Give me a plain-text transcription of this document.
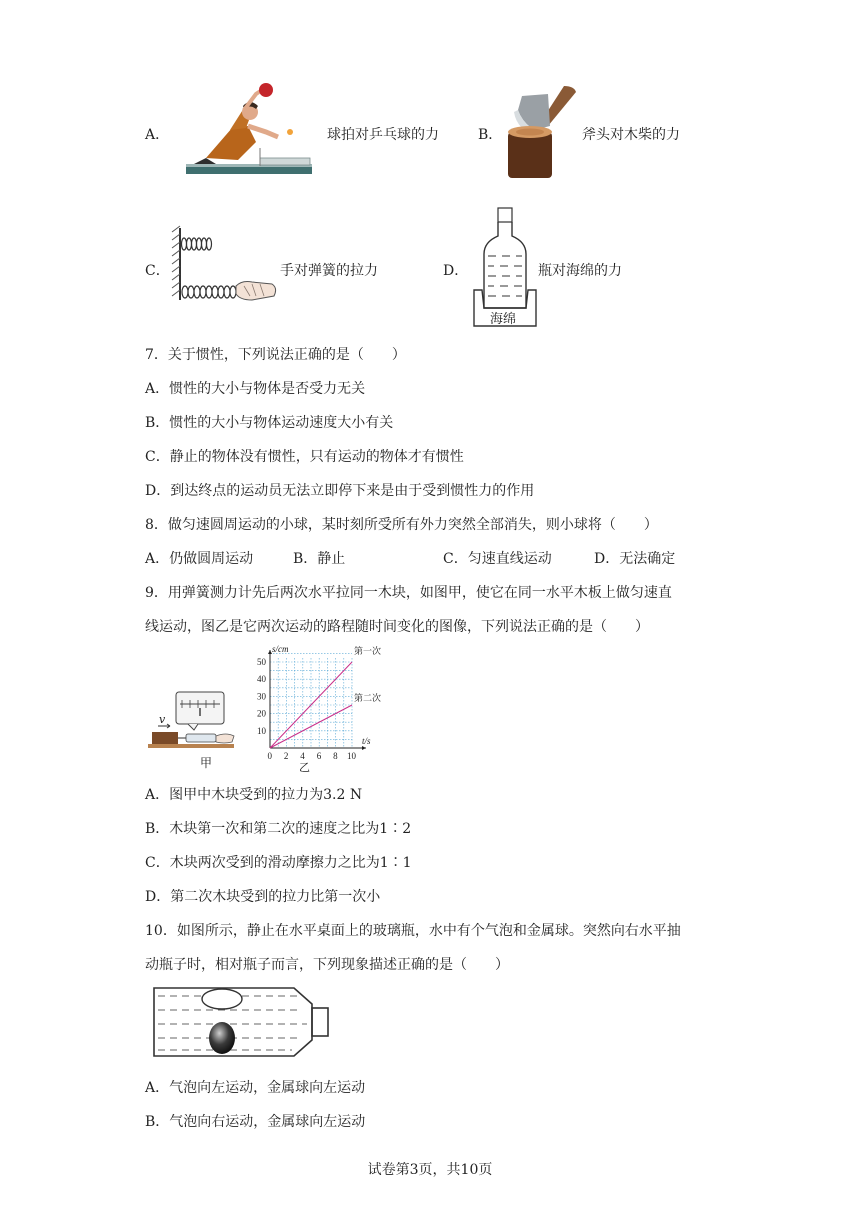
A．	球拍对乒乓球的力	B．	斧头对木柴的力
C．	手对弹簧的拉力	D．
海绵
瓶对海绵的力
7．关于惯性，下列说法正确的是（　　）
A．惯性的大小与物体是否受力无关
B．惯性的大小与物体运动速度大小有关
C．静止的物体没有惯性，只有运动的物体才有惯性
D．到达终点的运动员无法立即停下来是由于受到惯性力的作用
8．做匀速圆周运动的小球，某时刻所受所有外力突然全部消失，则小球将（　　）
A．仍做圆周运动	B．静止	C．匀速直线运动	D．无法确定
9．用弹簧测力计先后两次水平拉同一木块，如图甲，使它在同一水平木板上做匀速直
线运动，图乙是它两次运动的路程随时间变化的图像，下列说法正确的是（　　）
甲
v
0 2 4 6 8 10
10
20
30
40
50
s/cm
t/s
乙
第一次
第二次
A．图甲中木块受到的拉力为3.2 N
B．木块第一次和第二次的速度之比为1∶2
C．木块两次受到的滑动摩擦力之比为1∶1
D．第二次木块受到的拉力比第一次小
10．如图所示，静止在水平桌面上的玻璃瓶，水中有个气泡和金属球。突然向右水平抽
动瓶子时，相对瓶子而言，下列现象描述正确的是（　　）
A．气泡向左运动，金属球向左运动
B．气泡向右运动，金属球向左运动
试卷第3页，共10页
